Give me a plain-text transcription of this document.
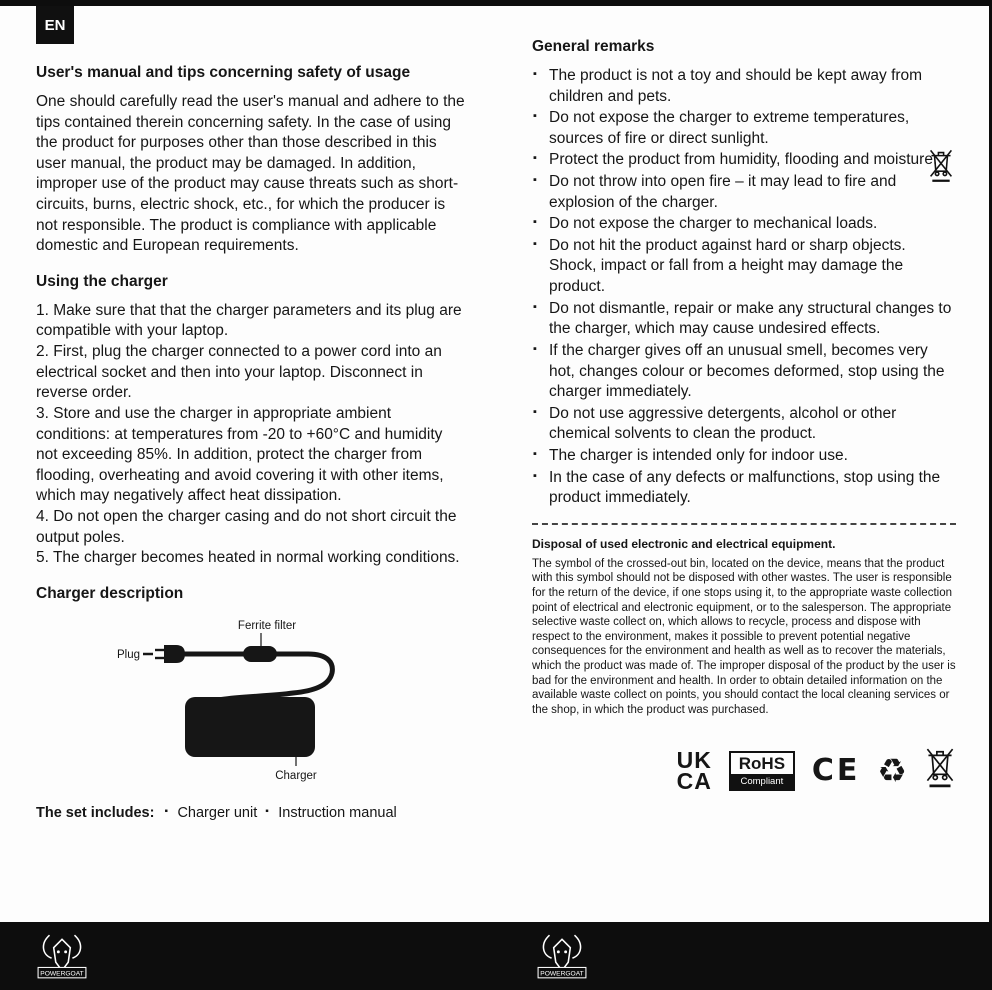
EN
User's manual and tips concerning safety of usage

One should carefully read the user's manual and adhere to the tips contained therein concerning safety. In the case of using the product for purposes other than those described in this user manual, the product may be damaged. In addition, improper use of the product may cause threats such as short-circuits, burns, electric shock, etc., for which the producer is not responsible. The product is compliance with applicable domestic and European requirements.

Using the charger
1. Make sure that that the charger parameters and its plug are compatible with your laptop.
2. First, plug the charger connected to a power cord into an electrical socket and then into your laptop. Disconnect in reverse order.
3. Store and use the charger in appropriate ambient conditions: at temperatures from -20 to +60°C and humidity not exceeding 85%. In addition, protect the charger from flooding, overheating and avoid covering it with other items, which may negatively affect heat dissipation.
4. Do not open the charger casing and do not short circuit the output poles.
5. The charger becomes heated in normal working conditions.
Charger description
Ferrite filter
Plug
Charger
The set includes:	▪ Charger unit ▪ Instruction manual
General remarks
▪ The product is not a toy and should be kept away from children and pets.
▪ Do not expose the charger to extreme temperatures, sources of fire or direct sunlight.
▪ Protect the product from humidity, flooding and moisture.
▪ Do not throw into open fire – it may lead to fire and explosion of the charger.
▪ Do not expose the charger to mechanical loads.
▪ Do not hit the product against hard or sharp objects. Shock, impact or fall from a height may damage the product.
▪ Do not dismantle, repair or make any structural changes to the charger, which may cause undesired effects.
▪ If the charger gives off an unusual smell, becomes very hot, changes colour or becomes deformed, stop using the charger immediately.
▪ Do not use aggressive detergents, alcohol or other chemical solvents to clean the product.
▪ The charger is intended only for indoor use.
▪ In the case of any defects or malfunctions, stop using the product immediately.
Disposal of used electronic and electrical equipment.

The symbol of the crossed-out bin, located on the device, means that the product with this symbol should not be disposed with other wastes. The user is responsible for the return of the device, if one stops using it, to the appropriate waste collection point of electrical and electronic equipment, or to the salesperson. The appropriate selective waste collect on, which allows to recycle, process and dispose with respect to the environment, makes it possible to prevent potential negative consequences for the environment and health as well as to recover the materials, which the product was made of. The improper disposal of the product by the user is bad for the environment and health. In order to obtain detailed information on the available waste collect on points, you should contact the local cleaning services or the shop, in which the product was purchased.

UK
CA
RoHS
Compliant CE ♻
POWERGOAT	POWERGOAT
